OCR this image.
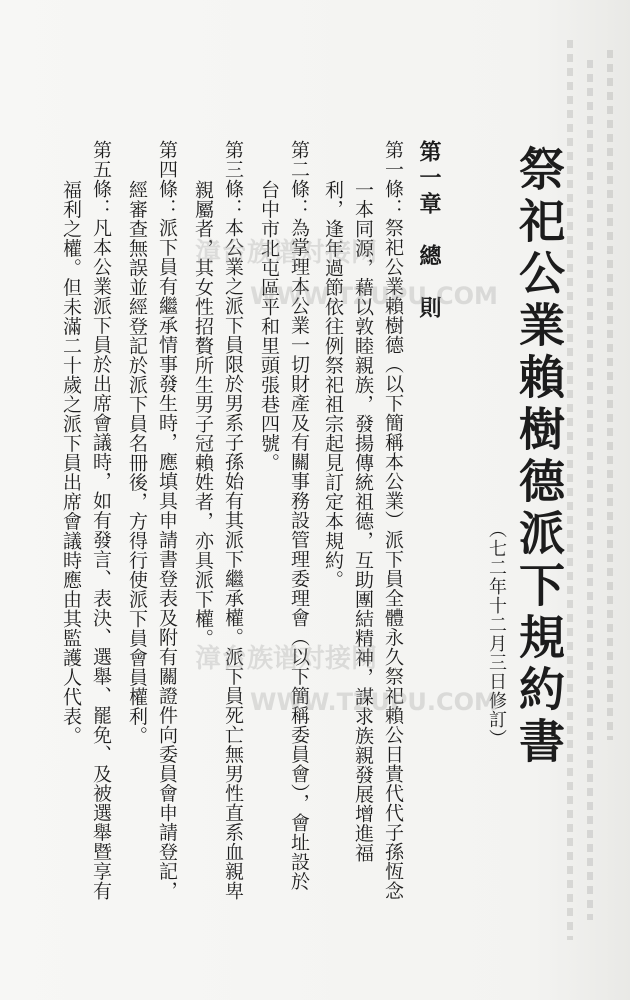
祭祀公業賴樹德派下規約書
（七二年十二月三日修訂）
第一章　總　則
第一條：祭祀公業賴樹德（以下簡稱本公業）派下員全體永久祭祀賴公日貴代代子孫恆念
一本同源，藉以敦睦親族，發揚傳統祖德，互助團結精神，謀求族親發展增進福
利，逢年過節依往例祭祀祖宗起見訂定本規約。
第二條：為掌理本公業一切財產及有關事務設管理委理會（以下簡稱委員會），會址設於
台中市北屯區平和里頭張巷四號。
第三條：本公業之派下員限於男系子孫始有其派下繼承權。派下員死亡無男性直系血親卑
親屬者，其女性招贅所生男子冠賴姓者，亦具派下權。
第四條：派下員有繼承情事發生時，應填具申請書登表及附有關證件向委員會申請登記，
經審查無誤並經登記於派下員名冊後，方得行使派下員會員權利。
第五條：凡本公業派下員於出席會議時，如有發言、表決、選舉、罷免、及被選舉暨享有
福利之權。但未滿二十歲之派下員出席會議時應由其監護人代表。	漳台族谱对接网
WWW.TZUPU.COM
漳台族谱对接网
WWW.TZUPU.COM
